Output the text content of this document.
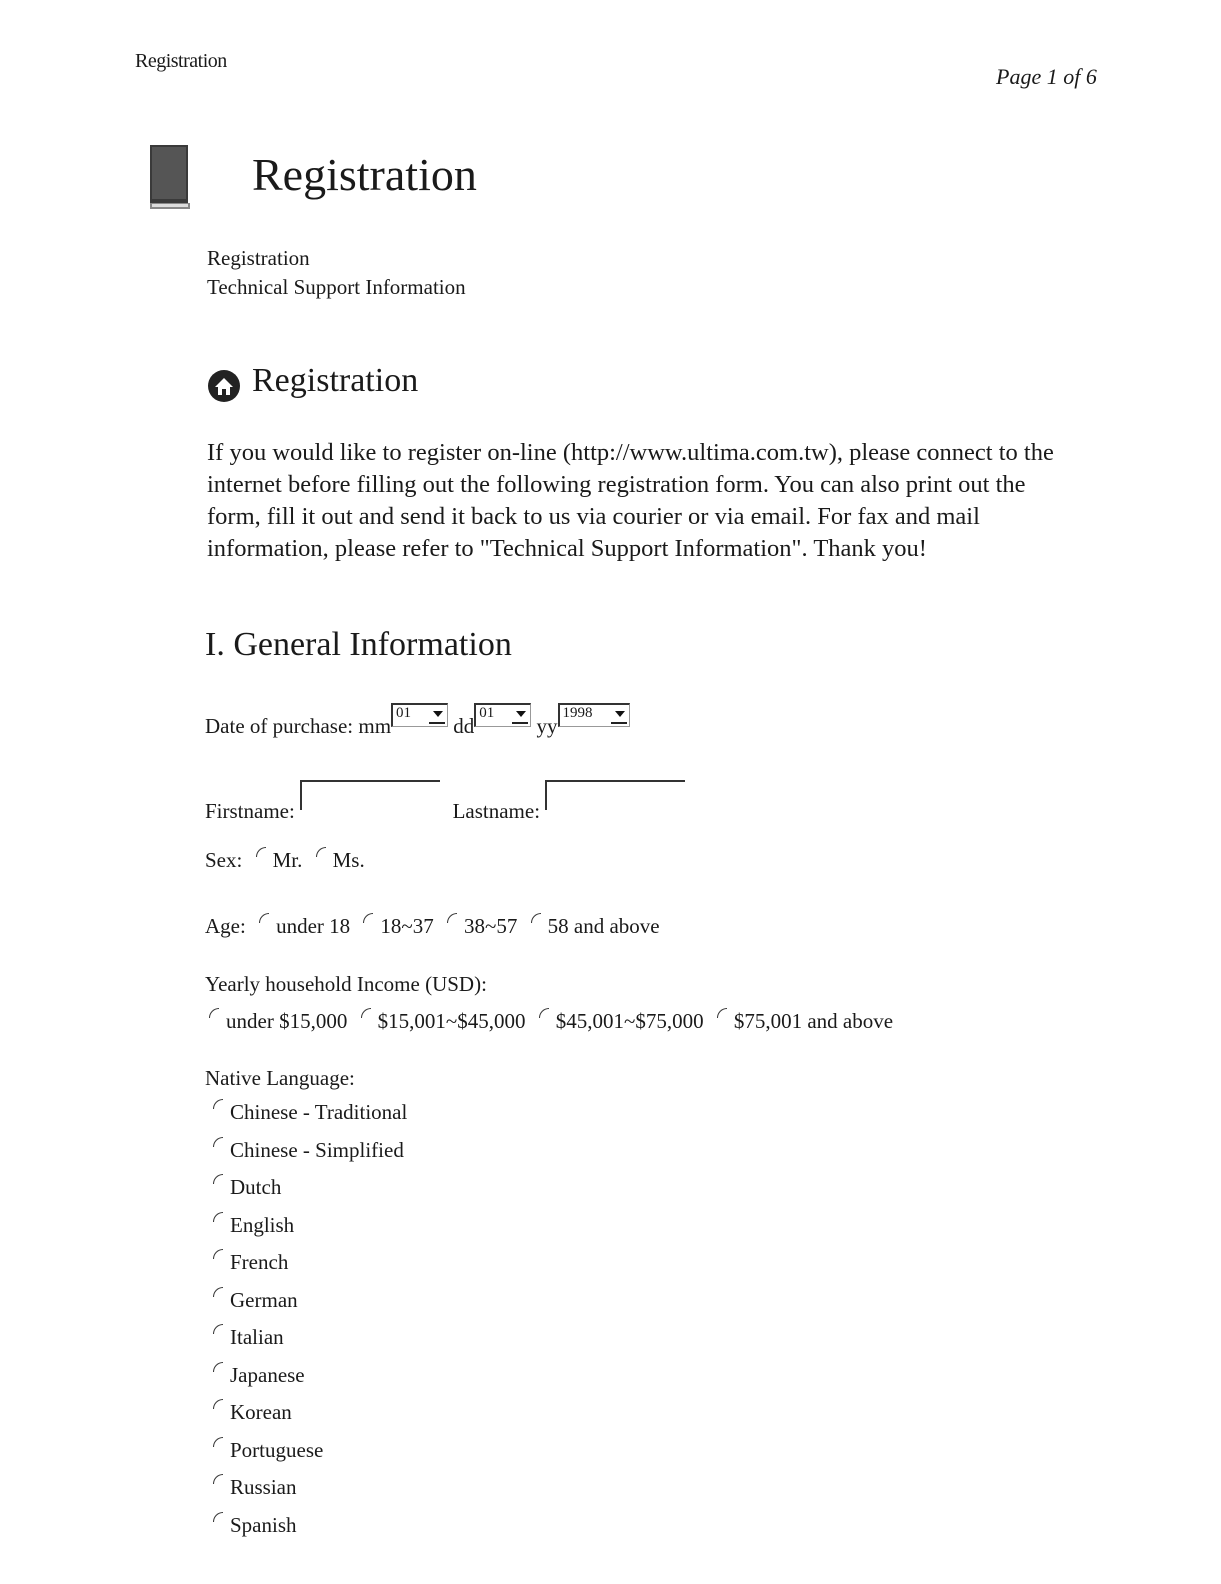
Registration
Page 1 of 6
Registration
Registration
Technical Support Information
Registration
If you would like to register on-line (http://www.ultima.com.tw), please connect to the internet before filling out the following registration form. You can also print out the form, fill it out and send it back to us via courier or via email. For fax and mail information, please refer to "Technical Support Information". Thank you!
I. General Information
Date of purchase: mm
01
dd
01
yy
1998
Firstname:	Lastname:
Sex: Mr. Ms.
Age: under 18 18~37 38~57 58 and above
Yearly household Income (USD):
under $15,000 $15,001~$45,000 $45,001~$75,000 $75,001 and above
Native Language:
Chinese - Traditional
Chinese - Simplified
Dutch
English
French
German
Italian
Japanese
Korean
Portuguese
Russian
Spanish
